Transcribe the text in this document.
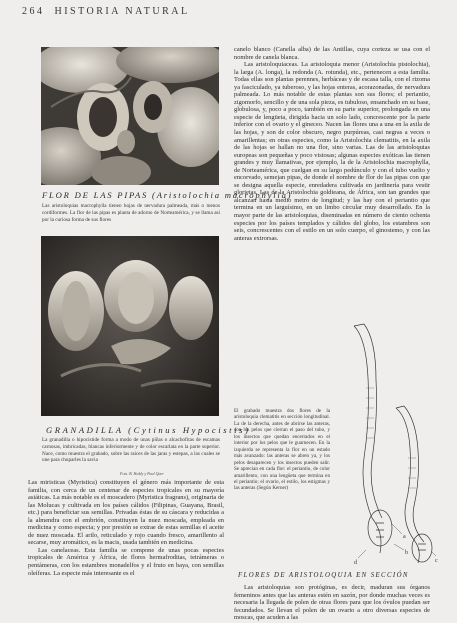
264 HISTORIA NATURAL
FLOR DE LAS PIPAS (Aristolochia macrophylla)
Las aristoloquias macrophylla tienen hojas de nervadura palmeada, más o menos cordiformes. La flor de las pipas es planta de adorno de Norteamérica, y se llama así por la curiosa forma de sus flores
GRANADILLA (Cytinus Hypocistis)
La granadilla o hipocistide forma a modo de unas piñas o alcachofitas de escamas carnosas, imbricadas, blancas inferiormente y de color escarlata en la parte superior. Nace, como muestra el grabado, sobre las raíces de las jaras y estepas, a las cuales se une para chuparles la savia
Fots. B. Haldy y Paul Quer

Las miristicas (Myristica) constituyen el género más importante de esta familia, con cerca de un centenar de especies tropicales en su mayoría asiáticas. La más notable es el moscadero (Myristica fragrans), originaria de las Molucas y cultivada en los países cálidos (Filipinas, Guayana, Brasil, etc.) para beneficiar sus semillas. Privadas éstas de su cáscara y reducidas a la almendra con el embrión, constituyen la nuez moscada, empleada en medicina y como especia; y por presión se extrae de estas semillas el aceite de nuez moscada. El arilo, reticulado y rojo cuando fresco, amarillento al secarse, muy aromático, es la macis, usada también en medicina.

Las canelaceas. Esta familia se compone de unas pocas especies tropicales de América y África, de flores hermafroditas, tetrámeras o pentámeras, con los estambres monadelfos y el fruto en baya, con semillas oleíferas. La especie más interesante es el

canelo blanco (Canella alba) de las Antillas, cuya corteza se usa con el nombre de canela blanca.

Las aristoloquiaceas. La aristoloquia menor (Aristolochia pistolochia), la larga (A. longa), la redonda (A. rotunda), etc., pertenecen a esta familia. Todas ellas son plantas perennes, herbáceas y de escasa talla, con el rizoma ya fasciculado, ya tuberoso, y las hojas enteras, acorazonadas, de nervadura palmeada. Lo más notable de estas plantas son sus flores; el periantio, zigomorfo, sencillo y de una sola pieza, es tubuloso, ensanchado en su base, globulosa, y, poco a poco, también en su parte superior, prolongada en una especie de lengüeta, dirigida hacia un solo lado, concrescente por la parte inferior con el ovario y el gineceo. Nacen las flores una a una en la axila de las hojas, y son de color obscuro, negro purpúreas, casi negras a veces o amarillentas; en otras especies, como la Aristolochia clematitis, en la axila de las hojas se hallan no una flor, sino varias. Las de las aristoloquias europeas son pequeñas y poco vistosas; algunas especies exóticas las tienen grandes y muy llamativas, por ejemplo, la de la Aristolochia macrophylla, de Norteamérica, que cuelgan en su largo pedúnculo y con el tubo vuelto y encorvado, semejan pipas, de donde el nombre de flor de las pipas con que se designa aquella especie, enredadera cultivada en jardinería para vestir glorietas. Las de la Aristolochia goldieana, de África, son tan grandes que alcanzan hasta medio metro de longitud; y las hay con el periantio que termina en un larguísimo, en un limbo circular muy desarrollado. En la mayor parte de las aristoloquias, diseminadas en número de ciento ochenta especies por los países templados y cálidos del globo, los estambres son seis, concrescentes con el estilo en un solo cuerpo, el ginostemo, y con las anteras extrorsas.

El grabado muestra dos flores de la aristoloquia clematitis en sección longitudinal. La de la derecha, antes de abrirse las anteras, con los pelos que cierran el paso del tubo, y los insectos que quedan encerrados en el interior por los pelos que le guarnecen. En la izquierda se representa la flor en un estado más avanzado: las anteras se abren ya, y los pelos desaparecen y los insectos pueden salir. Se aprecian en cada flor: el periantio, de color amarillento, con una lengüeta que termina en el periantio; el ovario, el estilo, los estigmas y las anteras (Según Kerner)
a
b
c
d
FLORES DE ARISTOLOQUIA EN SECCIÓN
Las aristoloquias son protóginas, es decir, maduran sus órganos femeninos antes que las anteras estén en sazón, por donde muchas veces es necesaria la llegada de polen de otras flores para que los óvulos puedan ser fecundados. Se llevan el polen de un ovario a otro diversas especies de moscas, que acuden a las
